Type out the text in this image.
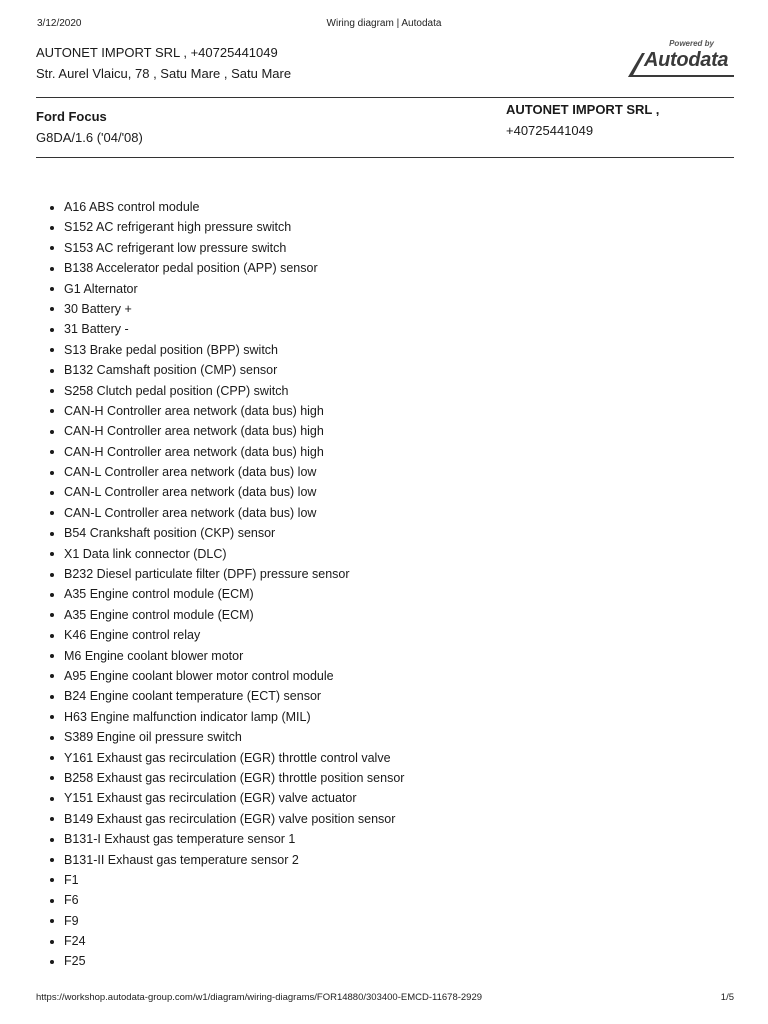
3/12/2020	Wiring diagram | Autodata
AUTONET IMPORT SRL , +40725441049
Str. Aurel Vlaicu, 78 , Satu Mare , Satu Mare
Powered by
Autodata
Ford Focus
G8DA/1.6 ('04/'08)
AUTONET IMPORT SRL ,
+40725441049
A16 ABS control module
S152 AC refrigerant high pressure switch
S153 AC refrigerant low pressure switch
B138 Accelerator pedal position (APP) sensor
G1 Alternator
30 Battery +
31 Battery -
S13 Brake pedal position (BPP) switch
B132 Camshaft position (CMP) sensor
S258 Clutch pedal position (CPP) switch
CAN-H Controller area network (data bus) high
CAN-H Controller area network (data bus) high
CAN-H Controller area network (data bus) high
CAN-L Controller area network (data bus) low
CAN-L Controller area network (data bus) low
CAN-L Controller area network (data bus) low
B54 Crankshaft position (CKP) sensor
X1 Data link connector (DLC)
B232 Diesel particulate filter (DPF) pressure sensor
A35 Engine control module (ECM)
A35 Engine control module (ECM)
K46 Engine control relay
M6 Engine coolant blower motor
A95 Engine coolant blower motor control module
B24 Engine coolant temperature (ECT) sensor
H63 Engine malfunction indicator lamp (MIL)
S389 Engine oil pressure switch
Y161 Exhaust gas recirculation (EGR) throttle control valve
B258 Exhaust gas recirculation (EGR) throttle position sensor
Y151 Exhaust gas recirculation (EGR) valve actuator
B149 Exhaust gas recirculation (EGR) valve position sensor
B131-I Exhaust gas temperature sensor 1
B131-II Exhaust gas temperature sensor 2
F1
F6
F9
F24
F25
https://workshop.autodata-group.com/w1/diagram/wiring-diagrams/FOR14880/303400-EMCD-11678-2929	1/5
